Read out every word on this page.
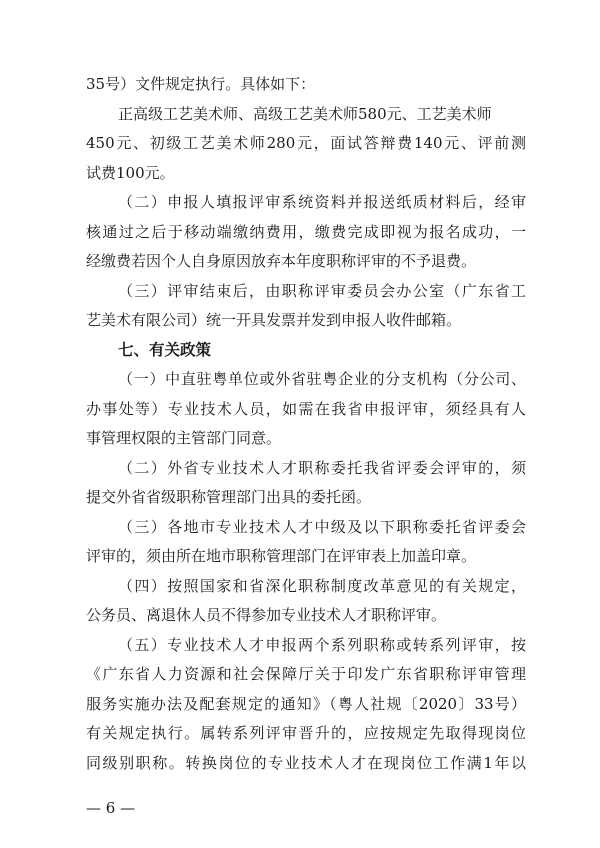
35号）文件规定执行。具体如下：
正高级工艺美术师、高级工艺美术师580元、工艺美术师
450元、初级工艺美术师280元，面试答辩费140元、评前测
试费100元。
（二）申报人填报评审系统资料并报送纸质材料后，经审
核通过之后于移动端缴纳费用，缴费完成即视为报名成功，一
经缴费若因个人自身原因放弃本年度职称评审的不予退费。
（三）评审结束后，由职称评审委员会办公室（广东省工
艺美术有限公司）统一开具发票并发到申报人收件邮箱。
七、有关政策
（一）中直驻粤单位或外省驻粤企业的分支机构（分公司、
办事处等）专业技术人员，如需在我省申报评审，须经具有人
事管理权限的主管部门同意。
（二）外省专业技术人才职称委托我省评委会评审的，须
提交外省省级职称管理部门出具的委托函。
（三）各地市专业技术人才中级及以下职称委托省评委会
评审的，须由所在地市职称管理部门在评审表上加盖印章。
（四）按照国家和省深化职称制度改革意见的有关规定，
公务员、离退休人员不得参加专业技术人才职称评审。
（五）专业技术人才申报两个系列职称或转系列评审，按
《广东省人力资源和社会保障厅关于印发广东省职称评审管理
服务实施办法及配套规定的通知》（粤人社规〔2020〕33号）
有关规定执行。属转系列评审晋升的，应按规定先取得现岗位
同级别职称。转换岗位的专业技术人才在现岗位工作满1年以
— 6 —
